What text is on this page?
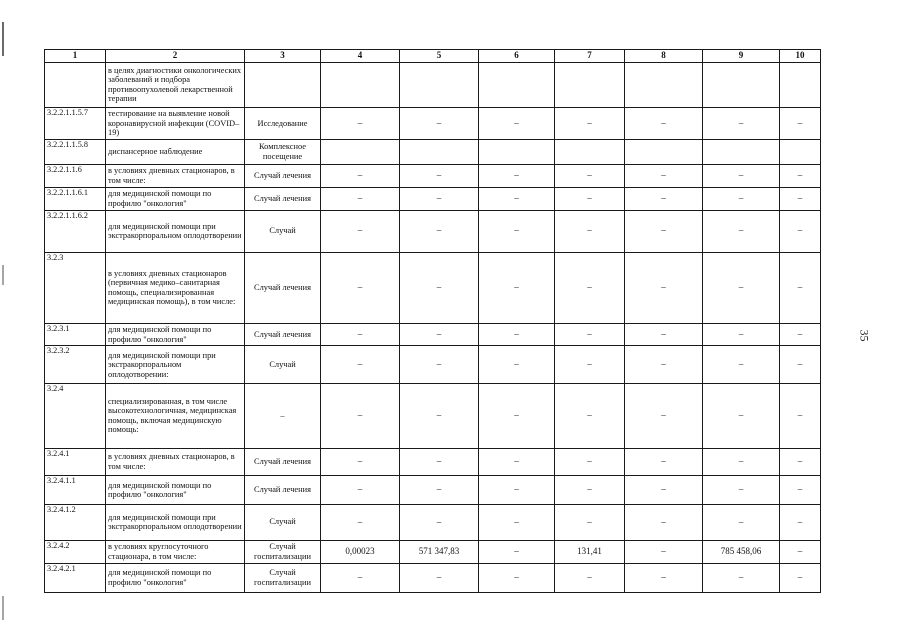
35
1	2	3	4	5	6	7	8	9	10
	в целях диагностики онкологических заболеваний и подбора противоопухолевой лекарственной терапии								
3.2.2.1.1.5.7	тестирование на выявление новой коронавирусной инфекции (COVID–19)	Исследование	–	–	–	–	–	–	–
3.2.2.1.1.5.8	диспансерное наблюдение	Комплексное посещение							
3.2.2.1.1.6	в условиях дневных стационаров, в том числе:	Случай лечения	–	–	–	–	–	–	–
3.2.2.1.1.6.1	для медицинской помощи по профилю "онкология"	Случай лечения	–	–	–	–	–	–	–
3.2.2.1.1.6.2	для медицинской помощи при экстракорпоральном оплодотворении	Случай	–	–	–	–	–	–	–
3.2.3	в условиях дневных стационаров (первичная медико–санитарная помощь, специализированная медицинская помощь), в том числе:	Случай лечения	–	–	–	–	–	–	–
3.2.3.1	для медицинской помощи по профилю "онкология"	Случай лечения	–	–	–	–	–	–	–
3.2.3.2	для медицинской помощи при экстракорпоральном оплодотворении:	Случай	–	–	–	–	–	–	–
3.2.4	специализированная, в том числе высокотехнологичная, медицинская помощь, включая медицинскую помощь:	–	–	–	–	–	–	–	–
3.2.4.1	в условиях дневных стационаров, в том числе:	Случай лечения	–	–	–	–	–	–	–
3.2.4.1.1	для медицинской помощи по профилю "онкология"	Случай лечения	–	–	–	–	–	–	–
3.2.4.1.2	для медицинской помощи при экстракорпоральном оплодотворении	Случай	–	–	–	–	–	–	–
3.2.4.2	в условиях круглосуточного стационара, в том числе:	Случай госпитализации	0,00023	571 347,83	–	131,41	–	785 458,06	–
3.2.4.2.1	для медицинской помощи по профилю "онкология"	Случай госпитализации	–	–	–	–	–	–	–
